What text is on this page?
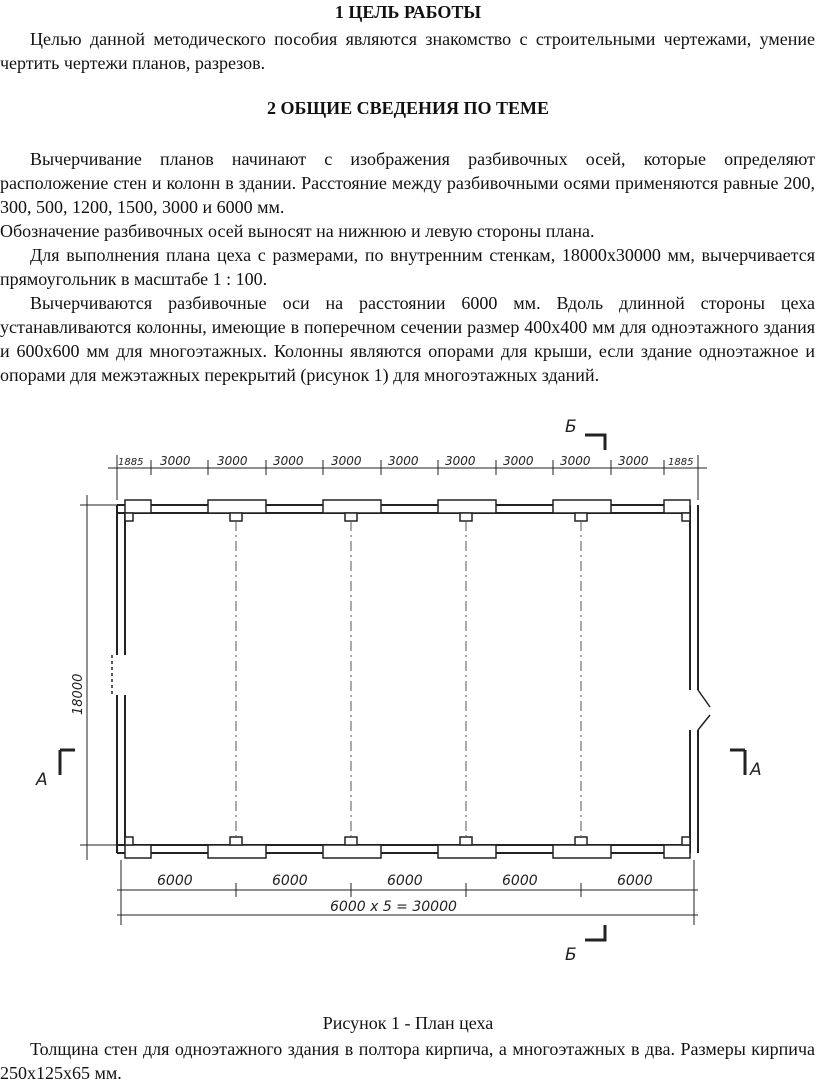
1 ЦЕЛЬ РАБОТЫ

Целью данной методического пособия являются знакомство с строительными чертежами, умение чертить чертежи планов, разрезов.

2 ОБЩИЕ СВЕДЕНИЯ ПО ТЕМЕ

Вычерчивание планов начинают с изображения разбивочных осей, которые определяют расположение стен и колонн в здании. Расстояние между разбивочными осями применяются равные 200, 300, 500, 1200, 1500, 3000 и 6000 мм.

Обозначение разбивочных осей выносят на нижнюю и левую стороны плана.

Для выполнения плана цеха с размерами, по внутренним стенкам, 18000х30000 мм, вычерчивается прямоугольник в масштабе 1 : 100.

Вычерчиваются разбивочные оси на расстоянии 6000 мм. Вдоль длинной стороны цеха устанавливаются колонны, имеющие в поперечном сечении размер 400х400 мм для одноэтажного здания и 600х600 мм для многоэтажных. Колонны являются опорами для крыши, если здание одноэтажное и опорами для межэтажных перекрытий (рисунок 1) для многоэтажных зданий.

1885 3000 3000 3000 3000 3000 3000 3000 3000 3000 1885
18000
6000	6000	6000	6000	6000
6000 х 5 = 30000
Б
Б
А	А

Рисунок 1 - План цеха

Толщина стен для одноэтажного здания в полтора кирпича, а многоэтажных в два. Размеры кирпича 250х125х65 мм.
